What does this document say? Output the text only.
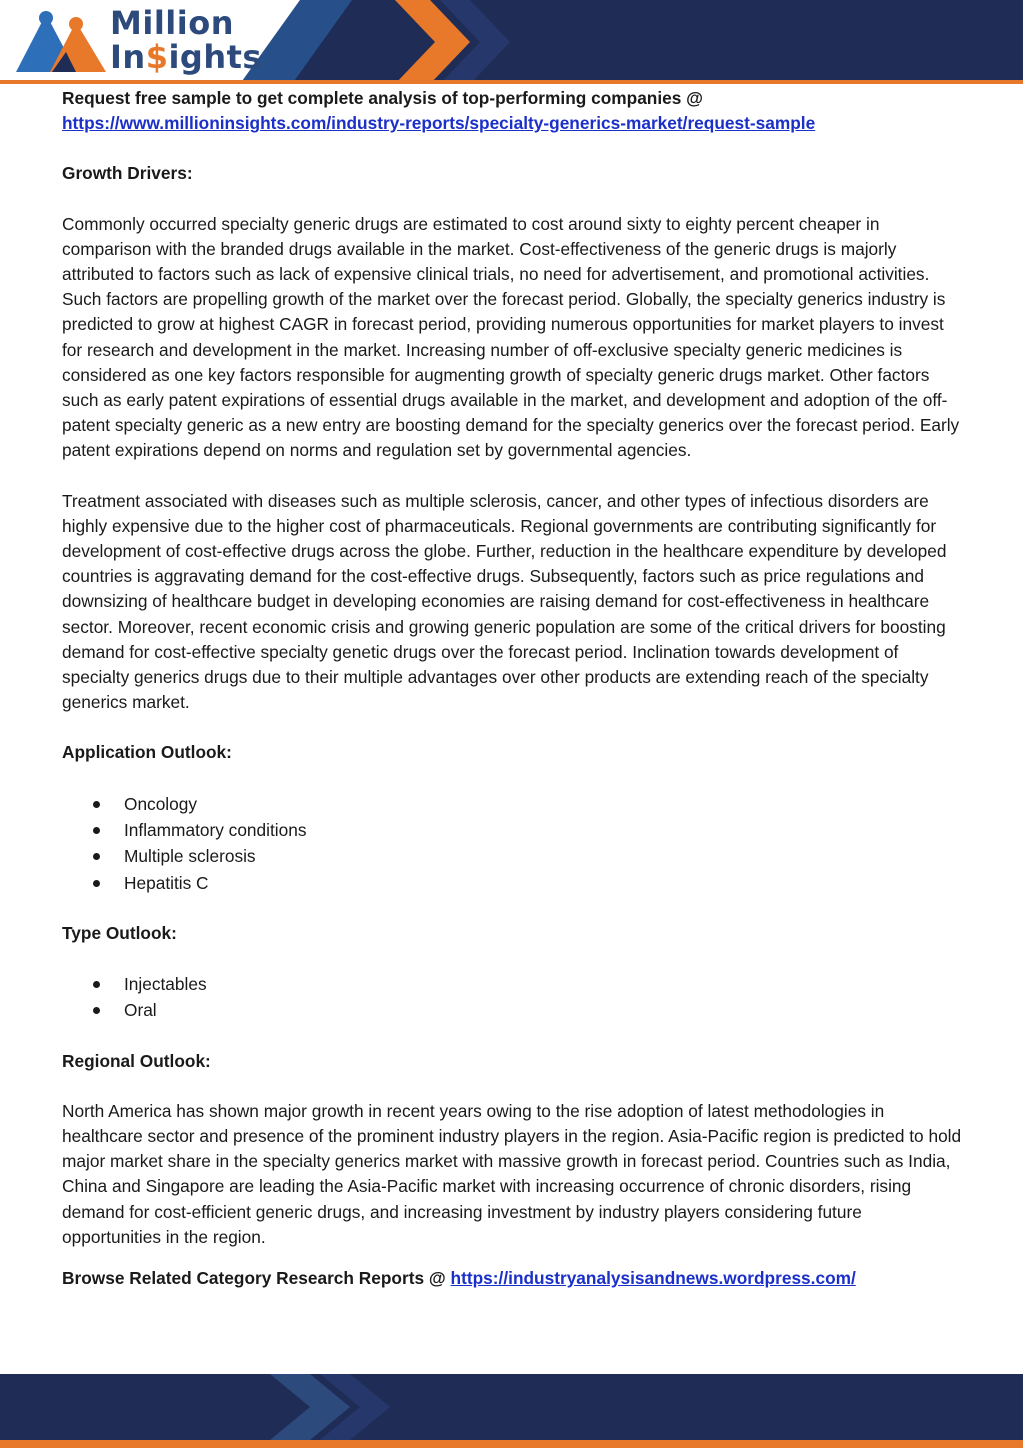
Million
In$ights

Request free sample to get complete analysis of top-performing companies @

https://www.millioninsights.com/industry-reports/specialty-generics-market/request-sample

Growth Drivers:

Commonly occurred specialty generic drugs are estimated to cost around sixty to eighty percent cheaper in comparison with the branded drugs available in the market. Cost-effectiveness of the generic drugs is majorly attributed to factors such as lack of expensive clinical trials, no need for advertisement, and promotional activities. Such factors are propelling growth of the market over the forecast period. Globally, the specialty generics industry is predicted to grow at highest CAGR in forecast period, providing numerous opportunities for market players to invest for research and development in the market. Increasing number of off-exclusive specialty generic medicines is considered as one key factors responsible for augmenting growth of specialty generic drugs market. Other factors such as early patent expirations of essential drugs available in the market, and development and adoption of the off-patent specialty generic as a new entry are boosting demand for the specialty generics over the forecast period. Early patent expirations depend on norms and regulation set by governmental agencies.

Treatment associated with diseases such as multiple sclerosis, cancer, and other types of infectious disorders are highly expensive due to the higher cost of pharmaceuticals. Regional governments are contributing significantly for development of cost-effective drugs across the globe. Further, reduction in the healthcare expenditure by developed countries is aggravating demand for the cost-effective drugs. Subsequently, factors such as price regulations and downsizing of healthcare budget in developing economies are raising demand for cost-effectiveness in healthcare sector. Moreover, recent economic crisis and growing generic population are some of the critical drivers for boosting demand for cost-effective specialty genetic drugs over the forecast period. Inclination towards development of specialty generics drugs due to their multiple advantages over other products are extending reach of the specialty generics market.

Application Outlook:

Oncology
Inflammatory conditions
Multiple sclerosis
Hepatitis C

Type Outlook:

Injectables
Oral

Regional Outlook:

North America has shown major growth in recent years owing to the rise adoption of latest methodologies in healthcare sector and presence of the prominent industry players in the region. Asia-Pacific region is predicted to hold major market share in the specialty generics market with massive growth in forecast period. Countries such as India, China and Singapore are leading the Asia-Pacific market with increasing occurrence of chronic disorders, rising demand for cost-efficient generic drugs, and increasing investment by industry players considering future opportunities in the region.

Browse Related Category Research Reports @ https://industryanalysisandnews.wordpress.com/
